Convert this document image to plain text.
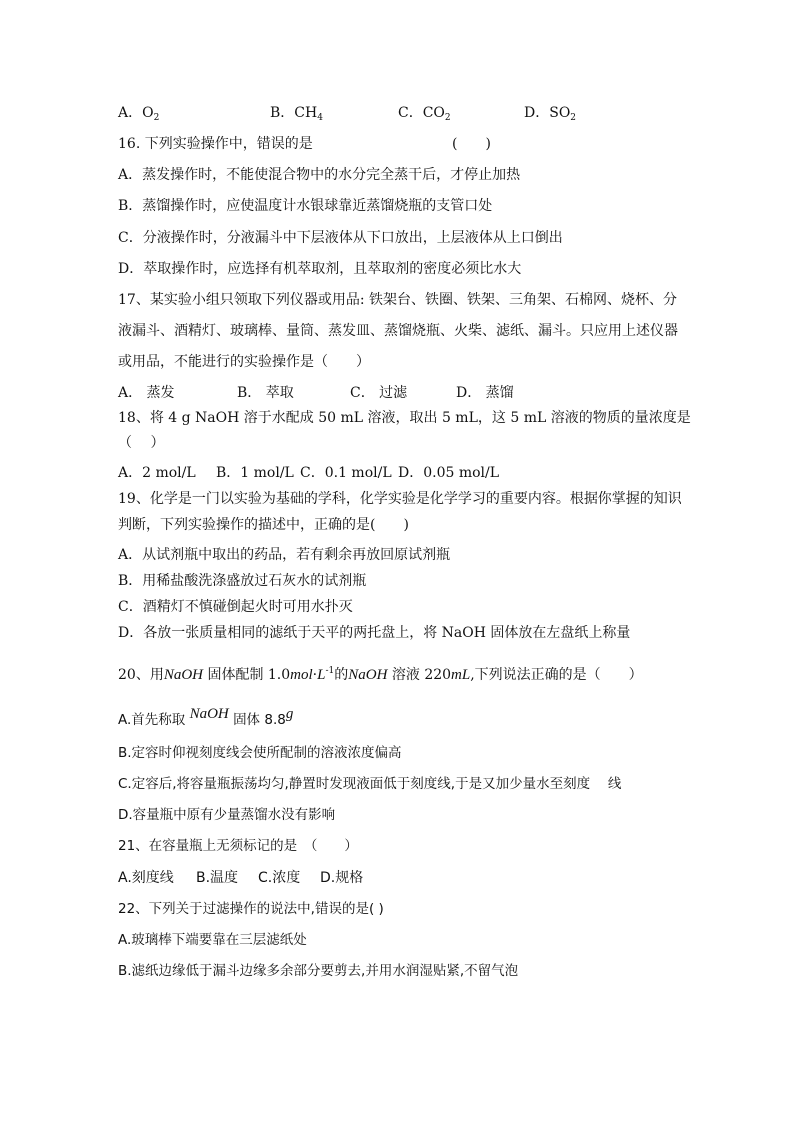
A．$O_2$	B．$CH_4$	C．$CO_2$	D．$SO_2$
16. 下列实验操作中，错误的是	(　　)
A．蒸发操作时，不能使混合物中的水分完全蒸干后，才停止加热
B．蒸馏操作时，应使温度计水银球靠近蒸馏烧瓶的支管口处
C．分液操作时，分液漏斗中下层液体从下口放出，上层液体从上口倒出
D．萃取操作时，应选择有机萃取剂，且萃取剂的密度必须比水大
17、某实验小组只领取下列仪器或用品: 铁架台、铁圈、铁架、三角架、石棉网、烧杯、分
液漏斗、酒精灯、玻璃棒、量筒、蒸发皿、蒸馏烧瓶、火柴、滤纸、漏斗。只应用上述仪器
或用品，不能进行的实验操作是（　　）
A． 蒸发	B． 萃取	C． 过滤	D． 蒸馏
18、将 4 g NaOH 溶于水配成 50 mL 溶液，取出 5 mL，这 5 mL 溶液的物质的量浓度是
（　 ）
A．2 mol/L B．1 mol/L C．0.1 mol/L D．0.05 mol/L
19、化学是一门以实验为基础的学科，化学实验是化学学习的重要内容。根据你掌握的知识
判断，下列实验操作的描述中，正确的是(　　)
A．从试剂瓶中取出的药品，若有剩余再放回原试剂瓶
B．用稀盐酸洗涤盛放过石灰水的试剂瓶
C．酒精灯不慎碰倒起火时可用水扑灭
D．各放一张质量相同的滤纸于天平的两托盘上，将 NaOH 固体放在左盘纸上称量
20、用NaOH 固体配制 $1.0mol\cdot L^{-1}$的NaOH 溶液 220mL,下列说法正确的是（　　）
A.首先称取 NaOH 固体 8.8g
B.定容时仰视刻度线会使所配制的溶液浓度偏高
C.定容后,将容量瓶振荡均匀,静置时发现液面低于刻度线,于是又加少量水至刻度　 线
D.容量瓶中原有少量蒸馏水没有影响
21、在容量瓶上无须标记的是　（　　）
A.刻度线 B.温度 C.浓度 D.规格
22、下列关于过滤操作的说法中,错误的是( )
A.玻璃棒下端要靠在三层滤纸处
B.滤纸边缘低于漏斗边缘多余部分要剪去,并用水润湿贴紧,不留气泡
